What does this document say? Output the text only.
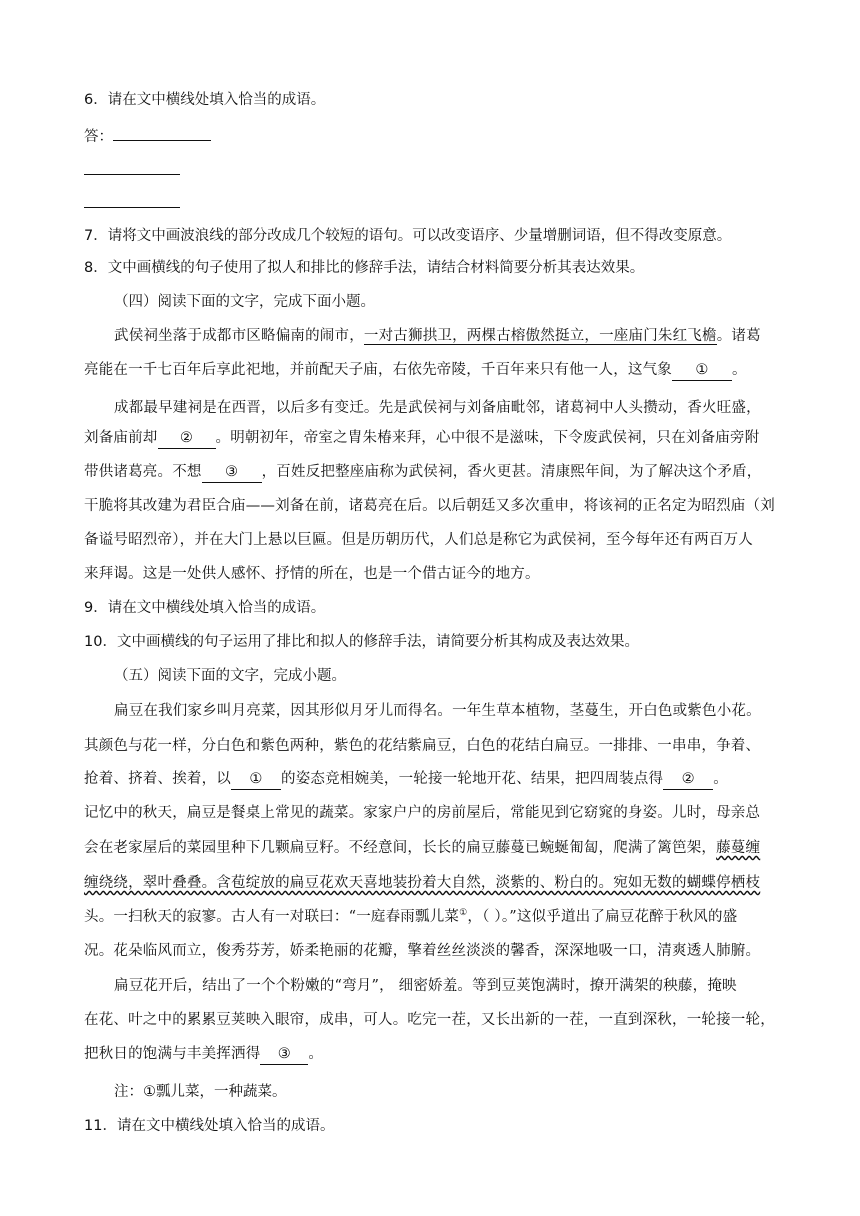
6．请在文中横线处填入恰当的成语。
答：
7．请将文中画波浪线的部分改成几个较短的语句。可以改变语序、少量增删词语，但不得改变原意。
8．文中画横线的句子使用了拟人和排比的修辞手法，请结合材料简要分析其表达效果。
（四）阅读下面的文字，完成下面小题。
武侯祠坐落于成都市区略偏南的闹市，一对古狮拱卫，两棵古榕傲然挺立，一座庙门朱红飞檐。诸葛
亮能在一千七百年后享此祀地，并前配天子庙，右依先帝陵，千百年来只有他一人，这气象 ① 。
成都最早建祠是在西晋，以后多有变迁。先是武侯祠与刘备庙毗邻，诸葛祠中人头攒动，香火旺盛，
刘备庙前却 ② 。明朝初年，帝室之胄朱椿来拜，心中很不是滋味，下令废武侯祠，只在刘备庙旁附
带供诸葛亮。不想 ③ ，百姓反把整座庙称为武侯祠，香火更甚。清康熙年间，为了解决这个矛盾，
干脆将其改建为君臣合庙——刘备在前，诸葛亮在后。以后朝廷又多次重申，将该祠的正名定为昭烈庙（刘
备谥号昭烈帝），并在大门上悬以巨匾。但是历朝历代，人们总是称它为武侯祠，至今每年还有两百万人
来拜谒。这是一处供人感怀、抒情的所在，也是一个借古证今的地方。
9．请在文中横线处填入恰当的成语。
10．文中画横线的句子运用了排比和拟人的修辞手法，请简要分析其构成及表达效果。
（五）阅读下面的文字，完成小题。
扁豆在我们家乡叫月亮菜，因其形似月牙儿而得名。一年生草本植物，茎蔓生，开白色或紫色小花。
其颜色与花一样，分白色和紫色两种，紫色的花结紫扁豆，白色的花结白扁豆。一排排、一串串，争着、
抢着、挤着、挨着，以 ① 的姿态竞相婉美，一轮接一轮地开花、结果，把四周装点得 ② 。
记忆中的秋天，扁豆是餐桌上常见的蔬菜。家家户户的房前屋后，常能见到它窈窕的身姿。儿时，母亲总
会在老家屋后的菜园里种下几颗扁豆籽。不经意间，长长的扁豆藤蔓已蜿蜒匍匐，爬满了篱笆架，藤蔓缠
缠绕绕，翠叶叠叠。含苞绽放的扁豆花欢天喜地装扮着大自然，淡紫的、粉白的。宛如无数的蝴蝶停栖枝
头。一扫秋天的寂寥。古人有一对联曰：“一庭春雨瓢儿菜①，（ ）。”这似乎道出了扁豆花醉于秋风的盛
况。花朵临风而立，俊秀芬芳，娇柔艳丽的花瓣，擎着丝丝淡淡的馨香，深深地吸一口，清爽透人肺腑。
扁豆花开后，结出了一个个粉嫩的“弯月”， 细密娇羞。等到豆荚饱满时，撩开满架的秧藤，掩映
在花、叶之中的累累豆荚映入眼帘，成串，可人。吃完一茬，又长出新的一茬，一直到深秋，一轮接一轮，
把秋日的饱满与丰美挥洒得 ③ 。
注：①瓢儿菜，一种蔬菜。
11．请在文中横线处填入恰当的成语。
